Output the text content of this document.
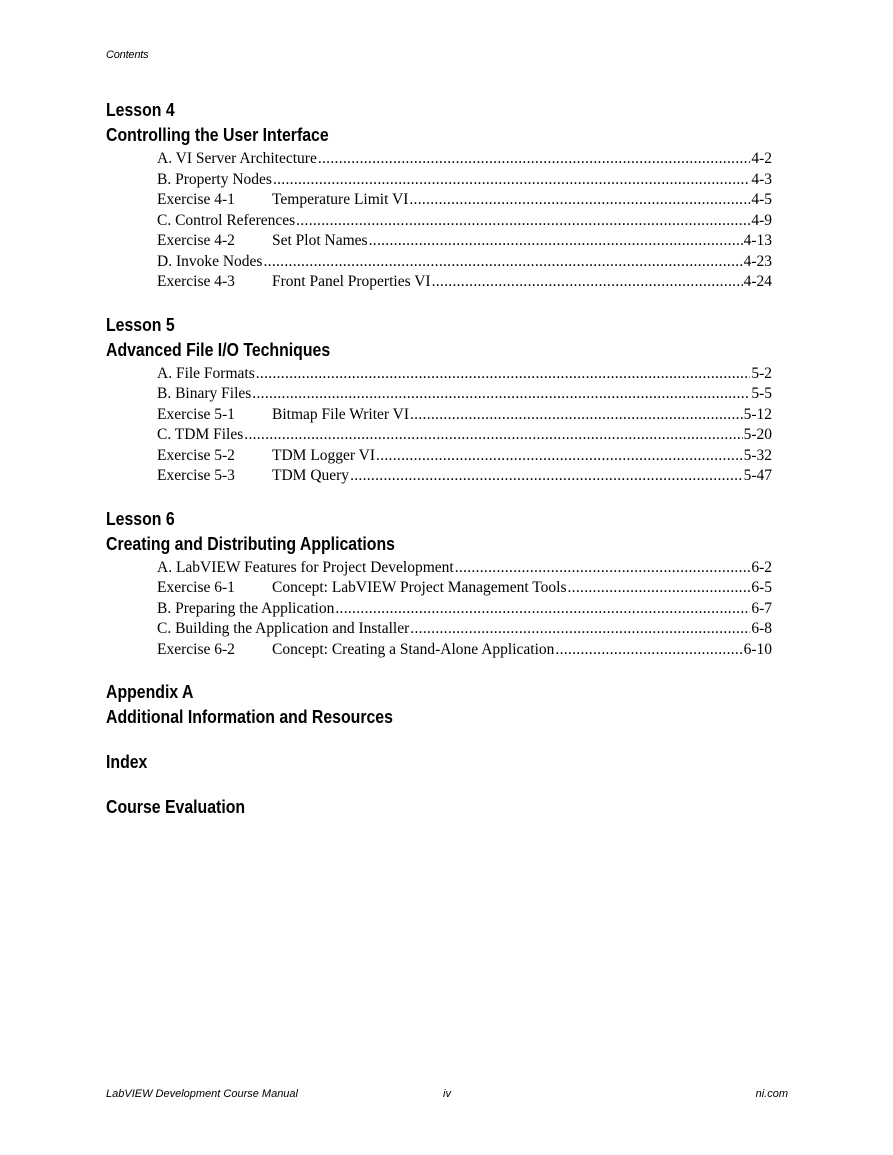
Contents
Lesson 4
Controlling the User Interface
A. VI Server Architecture .....	4-2
B. Property Nodes .....	4-3
Exercise 4-1 Temperature Limit VI .....	4-5
C. Control References .....	4-9
Exercise 4-2 Set Plot Names .....	4-13
D. Invoke Nodes .....	4-23
Exercise 4-3 Front Panel Properties VI .....	4-24
Lesson 5
Advanced File I/O Techniques
A. File Formats .....	5-2
B. Binary Files .....	5-5
Exercise 5-1 Bitmap File Writer VI .....	5-12
C. TDM Files .....	5-20
Exercise 5-2 TDM Logger VI .....	5-32
Exercise 5-3 TDM Query .....	5-47
Lesson 6
Creating and Distributing Applications
A. LabVIEW Features for Project Development .....	6-2
Exercise 6-1 Concept: LabVIEW Project Management Tools .....	6-5
B. Preparing the Application .....	6-7
C. Building the Application and Installer .....	6-8
Exercise 6-2 Concept: Creating a Stand-Alone Application .....	6-10
Appendix A
Additional Information and Resources
Index
Course Evaluation
LabVIEW Development Course Manual	iv	ni.com
